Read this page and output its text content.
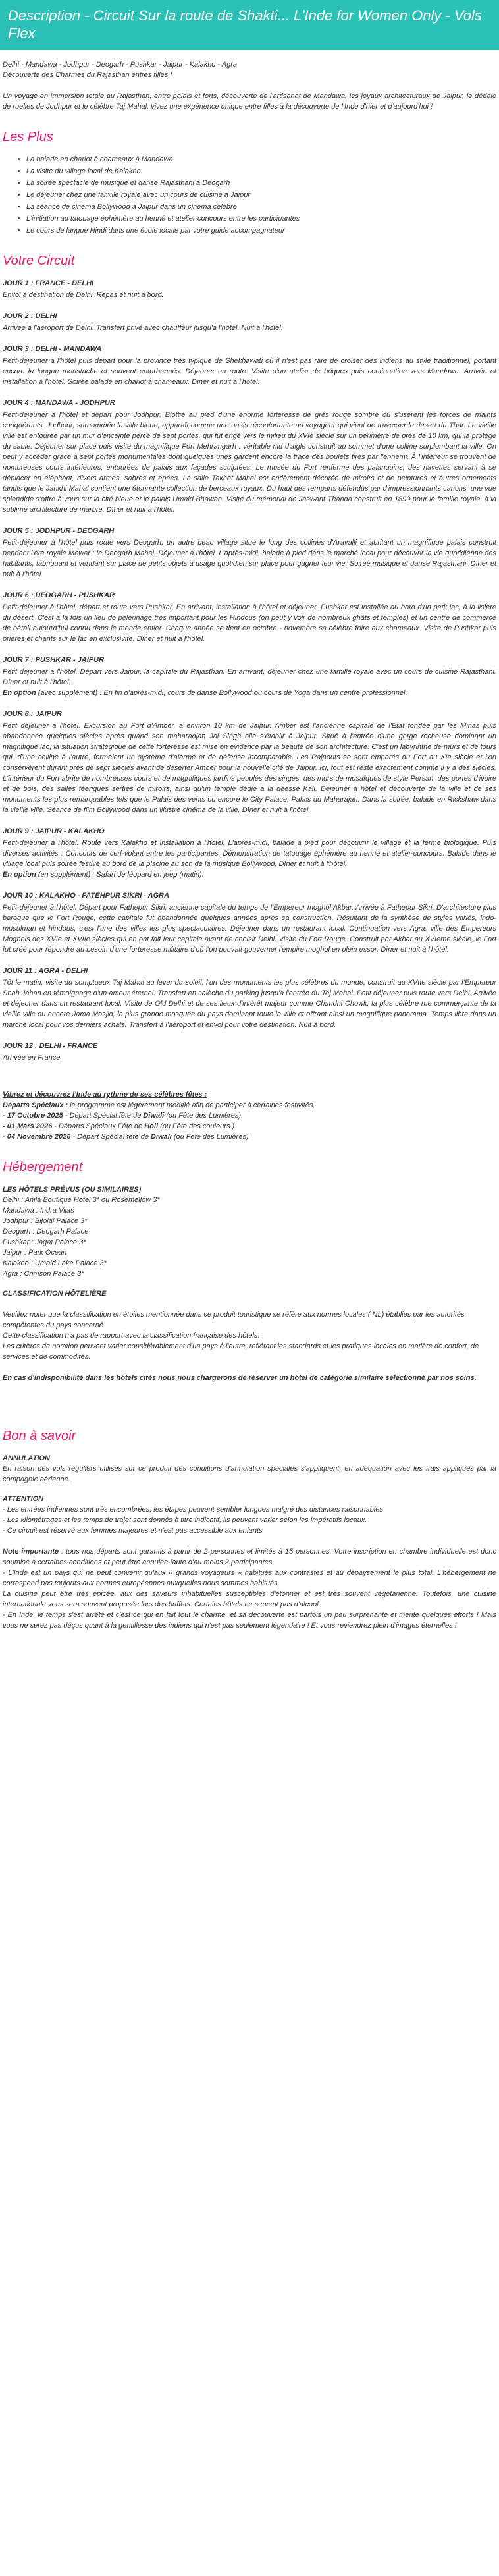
Description - Circuit Sur la route de Shakti... L'Inde for Women Only - Vols Flex

Delhi - Mandawa - Jodhpur - Deogarh - Pushkar - Jaipur - Kalakho - Agra

Découverte des Charmes du Rajasthan entres filles !

Un voyage en immersion totale au Rajasthan, entre palais et forts, découverte de l'artisanat de Mandawa, les joyaux architecturaux de Jaipur, le dédale de ruelles de Jodhpur et le célèbre Taj Mahal, vivez une expérience unique entre filles à la découverte de l'Inde d'hier et d'aujourd'hui !

Les Plus
• La balade en chariot à chameaux à Mandawa
• La visite du village local de Kalakho
• La soirée spectacle de musique et danse Rajasthani à Deogarh
• Le déjeuner chez une famille royale avec un cours de cuisine à Jaipur
• La séance de cinéma Bollywood à Jaipur dans un cinéma célèbre
• L'initiation au tatouage éphémère au henné et atelier-concours entre les participantes
• Le cours de langue Hindi dans une école locale par votre guide accompagnateur
Votre Circuit
JOUR 1 : FRANCE - DELHI
Envol à destination de Delhi. Repas et nuit à bord.
JOUR 2 : DELHI
Arrivée à l'aéroport de Delhi. Transfert privé avec chauffeur jusqu'à l'hôtel. Nuit à l'hôtel.
JOUR 3 : DELHI - MANDAWA
Petit-déjeuner à l'hôtel puis départ pour la province très typique de Shekhawati où il n'est pas rare de croiser des indiens au style traditionnel, portant encore la longue moustache et souvent enturbannés. Déjeuner en route. Visite d'un atelier de briques puis continuation vers Mandawa. Arrivée et installation à l'hôtel. Soirée balade en chariot à chameaux. Dîner et nuit à l'hôtel.
JOUR 4 : MANDAWA - JODHPUR
Petit-déjeuner à l'hôtel et départ pour Jodhpur. Blottie au pied d'une énorme forteresse de grès rouge sombre où s'usèrent les forces de maints conquérants, Jodhpur, surnommée la ville bleue, apparaît comme une oasis réconfortante au voyageur qui vient de traverser le désert du Thar. La vieille ville est entourée par un mur d'enceinte percé de sept portes, qui fut érigé vers le milieu du XVIe siècle sur un périmètre de près de 10 km, qui la protège du sable. Déjeuner sur place puis visite du magnifique Fort Mehrangarh : véritable nid d'aigle construit au sommet d'une colline surplombant la ville. On peut y accéder grâce à sept portes monumentales dont quelques unes gardent encore la trace des boulets tirés par l'ennemi. À l'intérieur se trouvent de nombreuses cours intérieures, entourées de palais aux façades sculptées. Le musée du Fort renferme des palanquins, des navettes servant à se déplacer en éléphant, divers armes, sabres et épées. La salle Takhat Mahal est entièrement décorée de miroirs et de peintures et autres ornements tandis que le Jankhi Mahal contient une étonnante collection de berceaux royaux. Du haut des remparts défendus par d'impressionnants canons, une vue splendide s'offre à vous sur la cité bleue et le palais Umaid Bhawan. Visite du mémorial de Jaswant Thanda construit en 1899 pour la famille royale, à la sublime architecture de marbre. Dîner et nuit à l'hôtel.
JOUR 5 : JODHPUR - DEOGARH
Petit-déjeuner à l'hôtel puis route vers Deogarh, un autre beau village situé le long des collines d'Aravalli et abritant un magnifique palais construit pendant l'ère royale Mewar : le Deogarh Mahal. Déjeuner à l'hôtel. L'après-midi, balade à pied dans le marché local pour découvrir la vie quotidienne des habitants, fabriquant et vendant sur place de petits objets à usage quotidien sur place pour gagner leur vie. Soirée musique et danse Rajasthani. Dîner et nuit à l'hôtel
JOUR 6 : DEOGARH - PUSHKAR
Petit-déjeuner à l'hôtel, départ et route vers Pushkar. En arrivant, installation à l'hôtel et déjeuner. Pushkar est installée au bord d'un petit lac, à la lisière du désert. C'est à la fois un lieu de pèlerinage très important pour les Hindous (on peut y voir de nombreux ghâts et temples) et un centre de commerce de bétail aujourd'hui connu dans le monde entier. Chaque année se tient en octobre - novembre sa célèbre foire aux chameaux. Visite de Pushkar puis prières et chants sur le lac en exclusivité. Dîner et nuit à l'hôtel.
JOUR 7 : PUSHKAR - JAIPUR
Petit déjeuner à l'hôtel. Départ vers Jaipur, la capitale du Rajasthan. En arrivant, déjeuner chez une famille royale avec un cours de cuisine Rajasthani. Dîner et nuit à l'hôtel.
En option (avec supplément) : En fin d'après-midi, cours de danse Bollywood ou cours de Yoga dans un centre professionnel.
JOUR 8 : JAIPUR
Petit déjeuner à l'hôtel. Excursion au Fort d'Amber, à environ 10 km de Jaipur. Amber est l'ancienne capitale de l'Etat fondée par les Minas puis abandonnée quelques siècles après quand son maharadjah Jai Singh alla s'établir à Jaipur. Situé à l'entrée d'une gorge rocheuse dominant un magnifique lac, la situation stratégique de cette forteresse est mise en évidence par la beauté de son architecture. C'est un labyrinthe de murs et de tours qui, d'une colline à l'autre, formaient un système d'alarme et de défense incomparable. Les Rajpouts se sont emparés du Fort au XIe siècle et l'on conservèrent durant près de sept siècles avant de déserter Amber pour la nouvelle cité de Jaipur. Ici, tout est resté exactement comme il y a des siècles. L'intérieur du Fort abrite de nombreuses cours et de magnifiques jardins peuplés des singes, des murs de mosaïques de style Persan, des portes d'ivoire et de bois, des salles féeriques serties de miroirs, ainsi qu'un temple dédié à la déesse Kali. Déjeuner à hôtel et découverte de la ville et de ses monuments les plus remarquables tels que le Palais des vents ou encore le City Palace, Palais du Maharajah. Dans la soirée, balade en Rickshaw dans la vieille ville. Séance de film Bollywood dans un illustre cinéma de la ville. Dîner et nuit à l'hôtel.
JOUR 9 : JAIPUR - KALAKHO
Petit-déjeuner à l'hôtel. Route vers Kalakho et installation à l'hôtel. L'après-midi, balade à pied pour découvrir le village et la ferme biologique. Puis diverses activités : Concours de cerf-volant entre les participantes. Démonstration de tatouage éphémère au henné et atelier-concours. Balade dans le village local puis soirée festive au bord de la piscine au son de la musique Bollywood. Dîner et nuit à l'hôtel.
En option (en supplément) : Safari de léopard en jeep (matin).
JOUR 10 : KALAKHO - FATEHPUR SIKRI - AGRA
Petit-déjeuner à l'hôtel. Départ pour Fathepur Sikri, ancienne capitale du temps de l'Empereur moghol Akbar. Arrivée à Fathepur Sikri. D'architecture plus baroque que le Fort Rouge, cette capitale fut abandonnée quelques années après sa construction. Résultant de la synthèse de styles variés, indo-musulman et hindous, c'est l'une des villes les plus spectaculaires. Déjeuner dans un restaurant local. Continuation vers Agra, ville des Empereurs Moghols des XVIe et XVIIe siècles qui en ont fait leur capitale avant de choisir Delhi. Visite du Fort Rouge. Construit par Akbar au XVIeme siècle, le Fort fut créé pour répondre au besoin d'une forteresse militaire d'où l'on pouvait gouverner l'empire moghol en plein essor. Dîner et nuit à l'hôtel.
JOUR 11 : AGRA - DELHI
Tôt le matin, visite du somptueux Taj Mahal au lever du soleil, l'un des monuments les plus célèbres du monde, construit au XVIIe siècle par l'Empereur Shah Jahan en témoignage d'un amour éternel. Transfert en calèche du parking jusqu'à l'entrée du Taj Mahal. Petit déjeuner puis route vers Delhi. Arrivée et déjeuner dans un restaurant local. Visite de Old Delhi et de ses lieux d'intérêt majeur comme Chandni Chowk, la plus célèbre rue commerçante de la vieille ville ou encore Jama Masjid, la plus grande mosquée du pays dominant toute la ville et offrant ainsi un magnifique panorama. Temps libre dans un marché local pour vos derniers achats. Transfert à l'aéroport et envol pour votre destination. Nuit à bord.
JOUR 12 : DELHI - FRANCE
Arrivée en France.
Vibrez et découvrez l'Inde au rythme de ses célèbres fêtes :
Départs Spéciaux : le programme est légèrement modifié afin de participer à certaines festivités.
- 17 Octobre 2025 - Départ Spécial fête de Diwali (ou Fête des Lumières)
- 01 Mars 2026 - Départs Spéciaux Fête de Holi (ou Fête des couleurs )
- 04 Novembre 2026 - Départ Spécial fête de Diwali (ou Fête des Lumières)
Hébergement
LES HÔTELS PRÉVUS (OU SIMILAIRES)
Delhi : Anila Boutique Hotel 3* ou Rosemellow 3*
Mandawa : Indra Vilas
Jodhpur : Bijolai Palace 3*
Deogarh : Deogarh Palace
Pushkar : Jagat Palace 3*
Jaipur : Park Ocean
Kalakho : Umaid Lake Palace 3*
Agra : Crimson Palace 3*
CLASSIFICATION HÔTELIÈRE
Veuillez noter que la classification en étoiles mentionnée dans ce produit touristique se réfère aux normes locales ( NL) établies par les autorités compétentes du pays concerné.
Cette classification n'a pas de rapport avec la classification française des hôtels.
Les critères de notation peuvent varier considérablement d'un pays à l'autre, reflétant les standards et les pratiques locales en matière de confort, de services et de commodités.
En cas d'indisponibilité dans les hôtels cités nous nous chargerons de réserver un hôtel de catégorie similaire sélectionné par nos soins.
Bon à savoir
ANNULATION
En raison des vols réguliers utilisés sur ce produit des conditions d'annulation spéciales s'appliquent, en adéquation avec les frais appliqués par la compagnie aérienne.
ATTENTION
- Les entrées indiennes sont très encombrées, les étapes peuvent sembler longues malgré des distances raisonnables
- Les kilométrages et les temps de trajet sont donnés à titre indicatif, ils peuvent varier selon les impératifs locaux.
- Ce circuit est réservé aux femmes majeures et n'est pas accessible aux enfants
Note importante : tous nos départs sont garantis à partir de 2 personnes et limités à 15 personnes. Votre inscription en chambre individuelle est donc soumise à certaines conditions et peut être annulée faute d'au moins 2 participantes.
- L'Inde est un pays qui ne peut convenir qu'aux « grands voyageurs » habitués aux contrastes et au dépaysement le plus total. L'hébergement ne correspond pas toujours aux normes européennes auxquelles nous sommes habitués.
La cuisine peut être très épicée, aux des saveurs inhabituelles susceptibles d'étonner et est très souvent végétarienne. Toutefois, une cuisine internationale vous sera souvent proposée lors des buffets. Certains hôtels ne servent pas d'alcool.
- En Inde, le temps s'est arrêté et c'est ce qui en fait tout le charme, et sa découverte est parfois un peu surprenante et mérite quelques efforts ! Mais vous ne serez pas déçus quant à la gentillesse des indiens qui n'est pas seulement légendaire ! Et vous reviendrez plein d'images éternelles !
